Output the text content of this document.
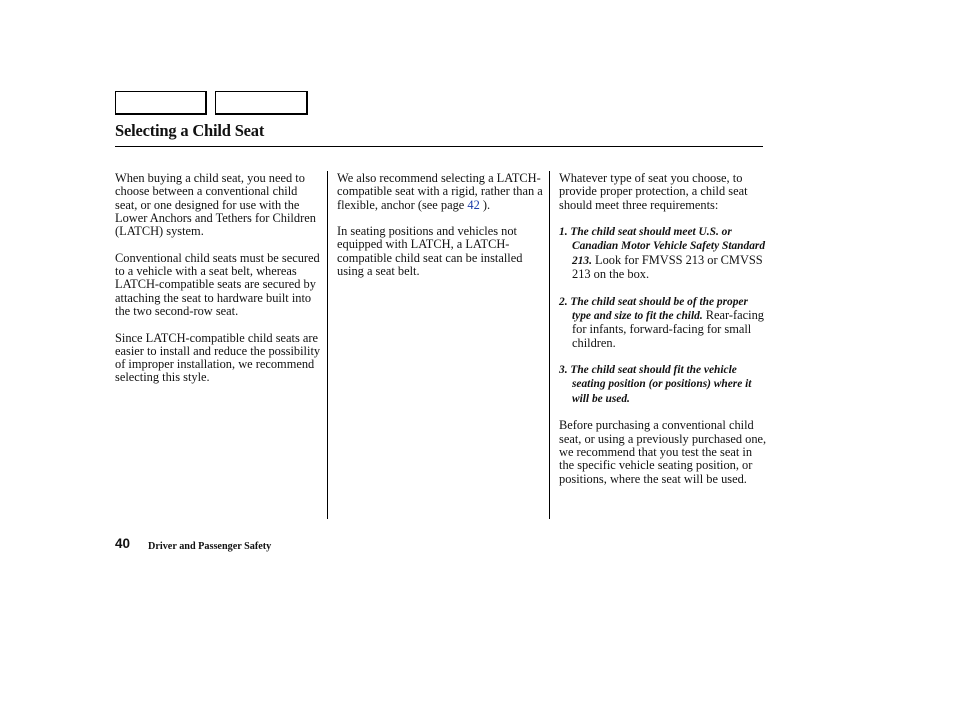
Selecting a Child Seat

When buying a child seat, you need to choose between a conventional child seat, or one designed for use with the Lower Anchors and Tethers for Children (LATCH) system.

Conventional child seats must be secured to a vehicle with a seat belt, whereas LATCH-compatible seats are secured by attaching the seat to hardware built into the two second-row seat.

Since LATCH-compatible child seats are easier to install and reduce the possibility of improper installation, we recommend selecting this style.

We also recommend selecting a LATCH-compatible seat with a rigid, rather than a flexible, anchor (see page 42 ).

In seating positions and vehicles not equipped with LATCH, a LATCH-compatible child seat can be installed using a seat belt.

Whatever type of seat you choose, to provide proper protection, a child seat should meet three requirements:

1. The child seat should meet U.S. or Canadian Motor Vehicle Safety Standard 213. Look for FMVSS 213 or CMVSS 213 on the box.
2. The child seat should be of the proper type and size to fit the child. Rear-facing for infants, forward-facing for small children.
3. The child seat should fit the vehicle seating position (or positions) where it will be used.

Before purchasing a conventional child seat, or using a previously purchased one, we recommend that you test the seat in the specific vehicle seating position, or positions, where the seat will be used.

40 Driver and Passenger Safety
